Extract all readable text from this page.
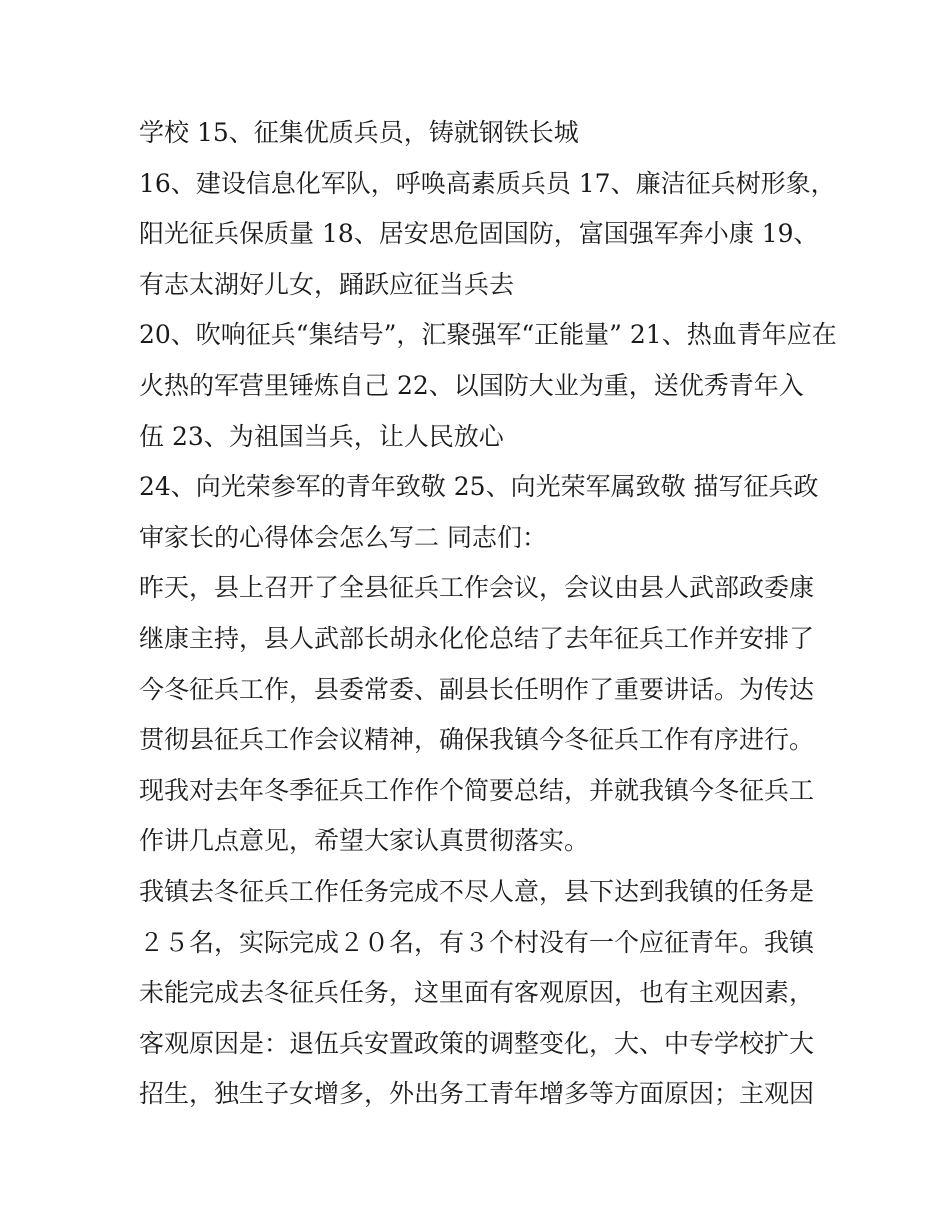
学校 15、征集优质兵员，铸就钢铁长城
16、建设信息化军队，呼唤高素质兵员 17、廉洁征兵树形象，
阳光征兵保质量 18、居安思危固国防，富国强军奔小康 19、
有志太湖好儿女，踊跃应征当兵去
20、吹响征兵“集结号”，汇聚强军“正能量” 21、热血青年应在
火热的军营里锤炼自己 22、以国防大业为重，送优秀青年入
伍 23、为祖国当兵，让人民放心
24、向光荣参军的青年致敬 25、向光荣军属致敬 描写征兵政
审家长的心得体会怎么写二 同志们：
昨天，县上召开了全县征兵工作会议，会议由县人武部政委康
继康主持，县人武部长胡永化伦总结了去年征兵工作并安排了
今冬征兵工作，县委常委、副县长任明作了重要讲话。为传达
贯彻县征兵工作会议精神，确保我镇今冬征兵工作有序进行。
现我对去年冬季征兵工作作个简要总结，并就我镇今冬征兵工
作讲几点意见，希望大家认真贯彻落实。
我镇去冬征兵工作任务完成不尽人意，县下达到我镇的任务是
２５名，实际完成２０名，有３个村没有一个应征青年。我镇
未能完成去冬征兵任务，这里面有客观原因，也有主观因素，
客观原因是：退伍兵安置政策的调整变化，大、中专学校扩大
招生，独生子女增多，外出务工青年增多等方面原因；主观因
